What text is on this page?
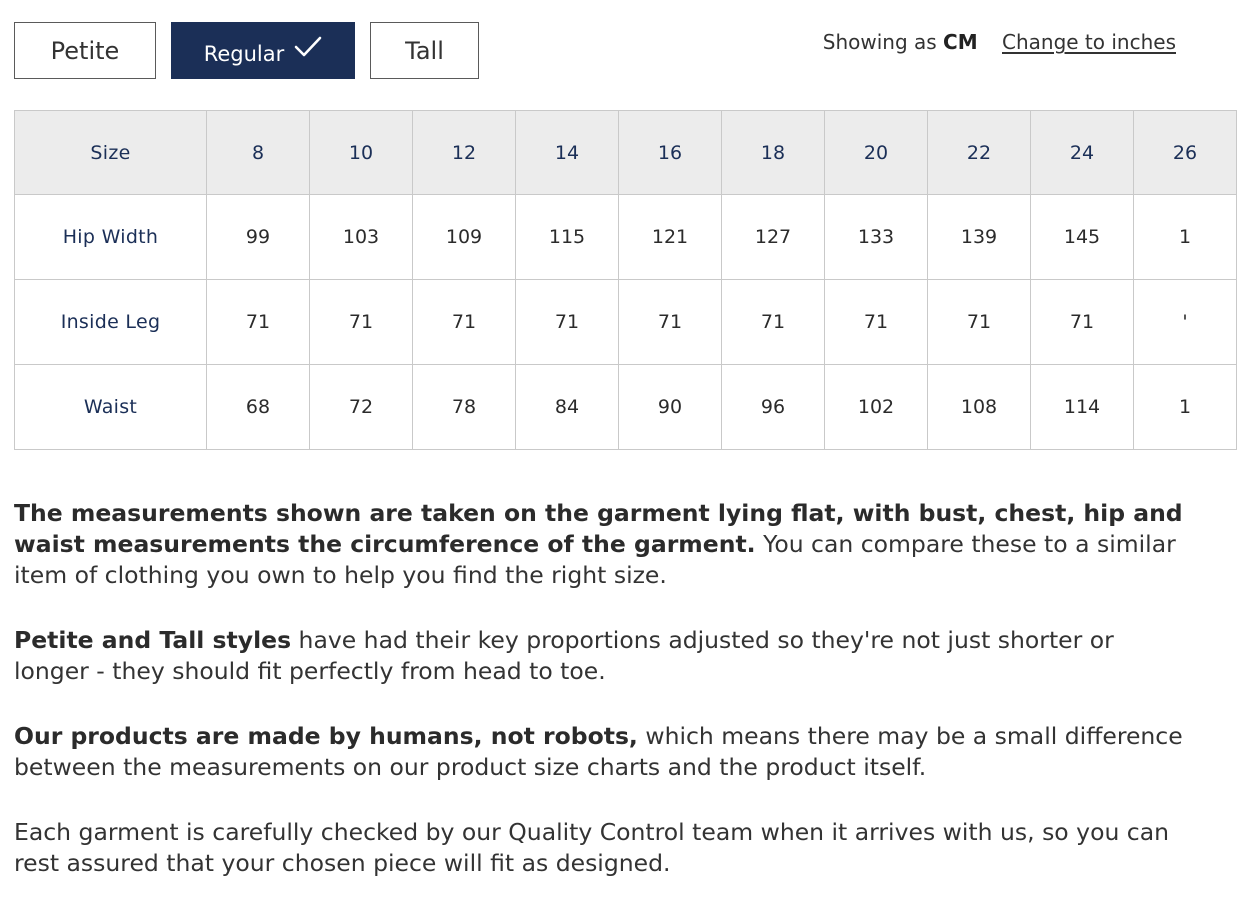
Petite	Regular	Tall	Showing as CM Change to inches
Size	8	10	12	14	16	18	20	22	24	26
Hip Width	99	103	109	115	121	127	133	139	145	1
Inside Leg	71	71	71	71	71	71	71	71	71	'
Waist	68	72	78	84	90	96	102	108	114	1

The measurements shown are taken on the garment lying flat, with bust, chest, hip and waist measurements the circumference of the garment. You can compare these to a similar item of clothing you own to help you find the right size.

Petite and Tall styles have had their key proportions adjusted so they're not just shorter or longer - they should fit perfectly from head to toe.

Our products are made by humans, not robots, which means there may be a small difference between the measurements on our product size charts and the product itself.

Each garment is carefully checked by our Quality Control team when it arrives with us, so you can rest assured that your chosen piece will fit as designed.
